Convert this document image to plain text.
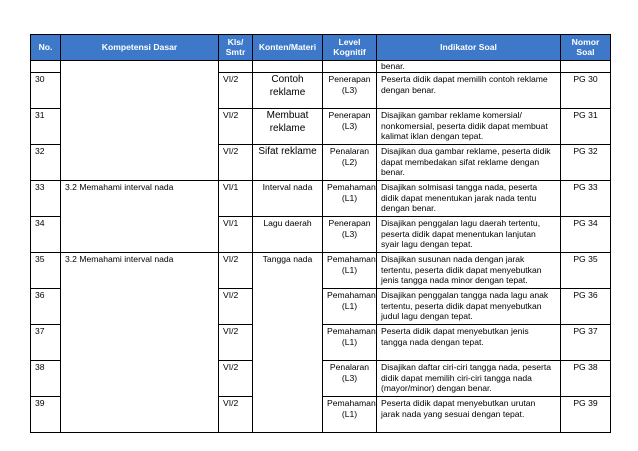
No.	Kompetensi Dasar	Kls/ Smtr	Konten/Materi	Level Kognitif	Indikator Soal	Nomor Soal
					benar.	
30		VI/2	Contoh reklame	Penerapan (L3)	Peserta didik dapat memilih contoh reklame dengan benar.	PG 30
31		VI/2	Membuat reklame	Penerapan (L3)	Disajikan gambar reklame komersial/ nonkomersial, peserta didik dapat membuat kalimat iklan dengan tepat.	PG 31
32		VI/2	Sifat reklame	Penalaran (L2)	Disajikan dua gambar reklame, peserta didik dapat membedakan sifat reklame dengan benar.	PG 32
33	3.2 Memahami interval nada	VI/1	Interval nada	Pemahaman (L1)	Disajikan solmisasi tangga nada, peserta didik dapat menentukan jarak nada tentu dengan benar.	PG 33
34		VI/1	Lagu daerah	Penerapan (L3)	Disajikan penggalan lagu daerah tertentu, peserta didik dapat menentukan lanjutan syair lagu dengan tepat.	PG 34
35	3.2 Memahami interval nada	VI/2	Tangga nada	Pemahaman (L1)	Disajikan susunan nada dengan jarak tertentu, peserta didik dapat menyebutkan jenis tangga nada minor dengan tepat.	PG 35
36		VI/2		Pemahaman (L1)	Disajikan penggalan tangga nada lagu anak tertentu, peserta didik dapat menyebutkan judul lagu dengan tepat.	PG 36
37		VI/2		Pemahaman (L1)	Peserta didik dapat menyebutkan jenis tangga nada dengan tepat.	PG 37
38		VI/2		Penalaran (L3)	Disajikan daftar ciri-ciri tangga nada, peserta didik dapat memilih ciri-ciri tangga nada (mayor/minor) dengan benar.	PG 38
39		VI/2		Pemahaman (L1)	Peserta didik dapat menyebutkan urutan jarak nada yang sesuai dengan tepat.	PG 39
